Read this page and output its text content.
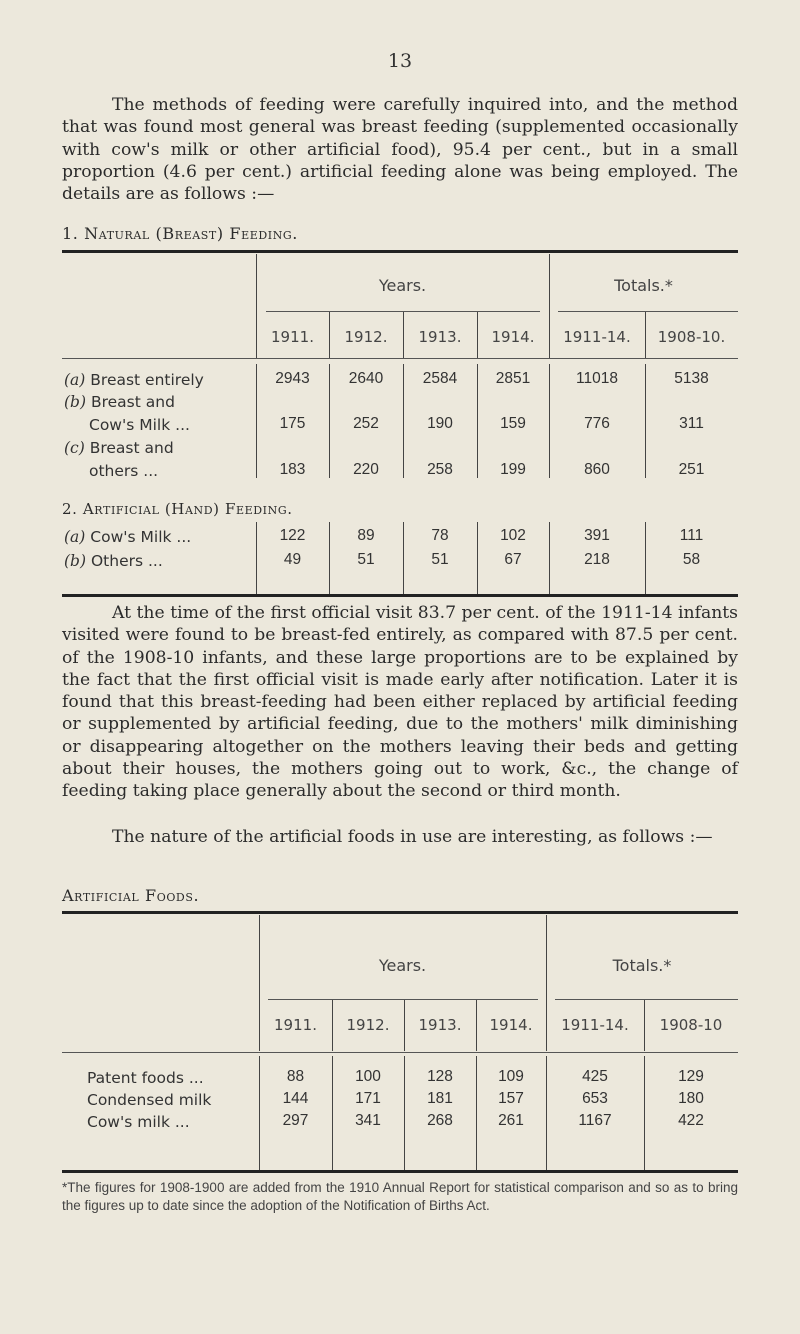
13
The methods of feeding were carefully inquired into, and the method that was found most general was breast feeding (supplemented occasionally with cow's milk or other artificial food), 95.4 per cent., but in a small proportion (4.6 per cent.) artificial feeding alone was being employed. The details are as follows :—
1. Natural (Breast) Feeding.
Years.	Totals.*
1911.	1912.	1913.	1914.	1911-14.	1908-10.
(a) Breast entirely	2943	2640	2584	2851	11018	5138
(b) Breast and
Cow's Milk ...	175	252	190	159	776	311
(c) Breast and
others ...	183	220	258	199	860	251
2. Artificial (Hand) Feeding.
(a) Cow's Milk ...	122	89	78	102	391	111
(b) Others ...	49	51	51	67	218	58
At the time of the first official visit 83.7 per cent. of the 1911-14 infants visited were found to be breast-fed entirely, as compared with 87.5 per cent. of the 1908-10 infants, and these large proportions are to be explained by the fact that the first official visit is made early after notification. Later it is found that this breast-feeding had been either replaced by artificial feeding or supplemented by artificial feeding, due to the mothers' milk diminishing or disappearing altogether on the mothers leaving their beds and getting about their houses, the mothers going out to work, &c., the change of feeding taking place generally about the second or third month.
The nature of the artificial foods in use are interesting, as follows :—
Artificial Foods.
Years.	Totals.*
1911.	1912.	1913.	1914.	1911-14.	1908-10
Patent foods ...	88	100	128	109	425	129
Condensed milk	144	171	181	157	653	180
Cow's milk ...	297	341	268	261	1167	422
*The figures for 1908-1900 are added from the 1910 Annual Report for statistical comparison and so as to bring the figures up to date since the adoption of the Notification of Births Act.
